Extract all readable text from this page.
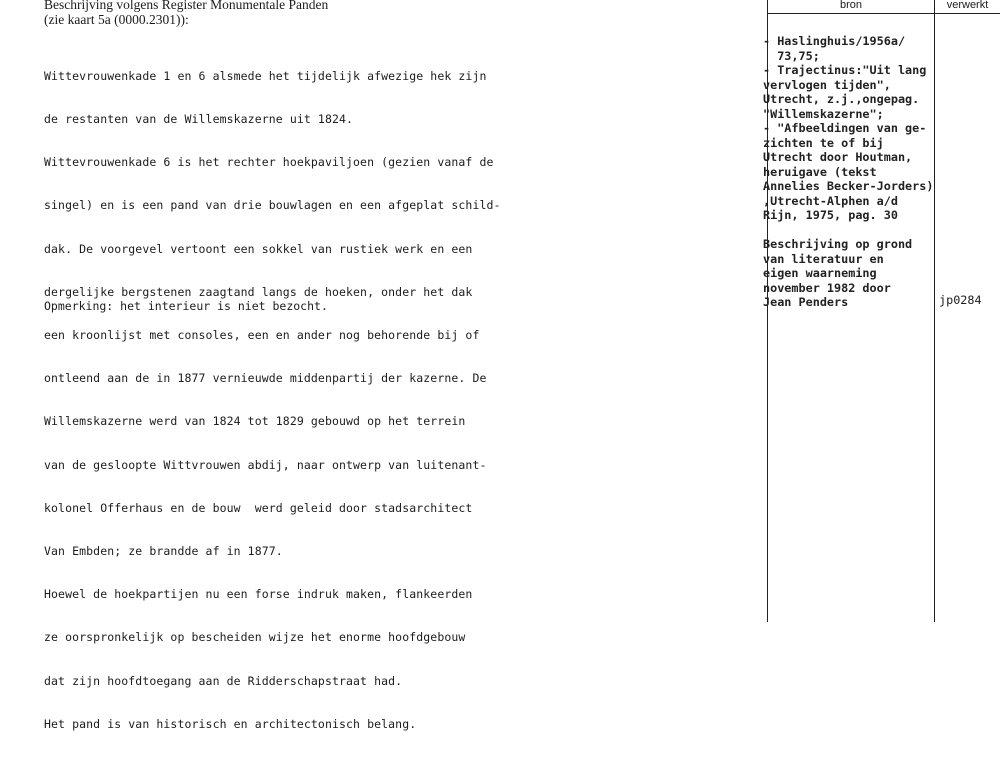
Beschrijving volgens Register Monumentale Panden
(zie kaart 5a (0000.2301)):

Wittevrouwenkade 1 en 6 alsmede het tijdelijk afwezige hek zijn

de restanten van de Willemskazerne uit 1824.

Wittevrouwenkade 6 is het rechter hoekpaviljoen (gezien vanaf de

singel) en is een pand van drie bouwlagen en een afgeplat schild-

dak. De voorgevel vertoont een sokkel van rustiek werk en een

dergelijke bergstenen zaagtand langs de hoeken, onder het dak

een kroonlijst met consoles, een en ander nog behorende bij of

ontleend aan de in 1877 vernieuwde middenpartij der kazerne. De

Willemskazerne werd van 1824 tot 1829 gebouwd op het terrein

van de gesloopte Wittvrouwen abdij, naar ontwerp van luitenant-

kolonel Offerhaus en de bouw  werd geleid door stadsarchitect

Van Embden; ze brandde af in 1877.

Hoewel de hoekpartijen nu een forse indruk maken, flankeerden

ze oorspronkelijk op bescheiden wijze het enorme hoofdgebouw

dat zijn hoofdtoegang aan de Ridderschapstraat had.

Het pand is van historisch en architectonisch belang.

Opmerking: het interieur is niet bezocht.
bron	verwerkt
- Haslinghuis/1956a/
73,75;
- Trajectinus:"Uit lang
vervlogen tijden",
Utrecht, z.j.,ongepag.
"Willemskazerne";
- "Afbeeldingen van ge-
zichten te of bij
Utrecht door Houtman,
heruigave (tekst
Annelies Becker-Jorders)
,Utrecht-Alphen a/d
Rijn, 1975, pag. 30
Beschrijving op grond
van literatuur en
eigen waarneming
november 1982 door
Jean Penders	jp0284
